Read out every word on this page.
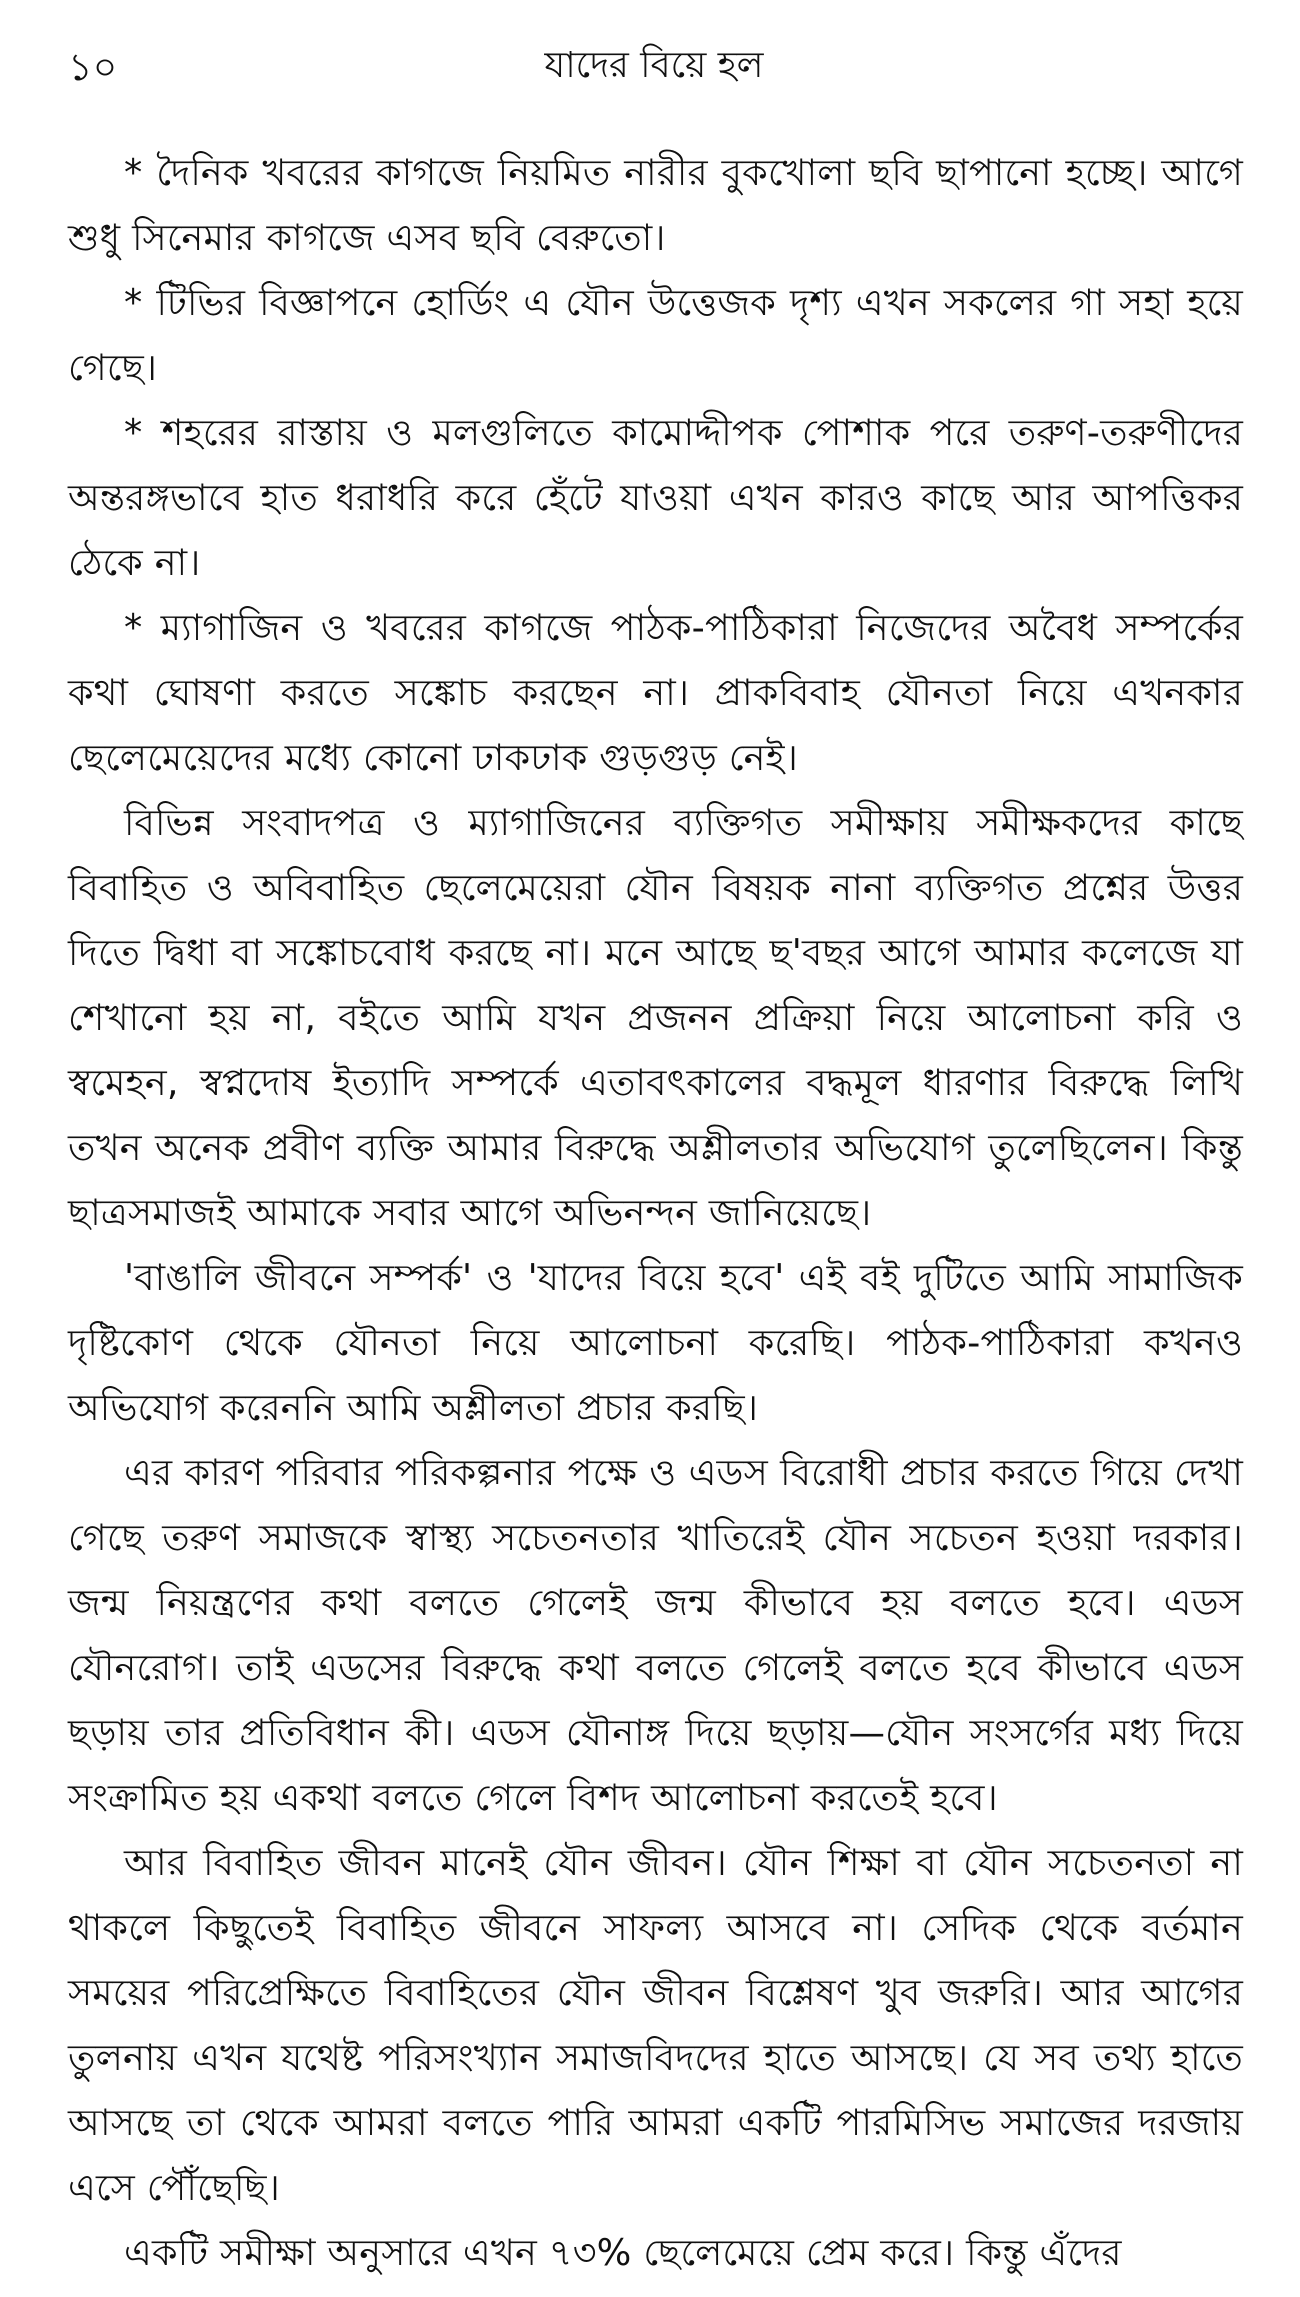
১০	যাদের বিয়ে হল

* দৈনিক খবরের কাগজে নিয়মিত নারীর বুকখোলা ছবি ছাপানো হচ্ছে। আগে শুধু সিনেমার কাগজে এসব ছবি বেরুতো।

* টিভির বিজ্ঞাপনে হোর্ডিং এ যৌন উত্তেজক দৃশ্য এখন সকলের গা সহা হয়ে গেছে।

* শহরের রাস্তায় ও মলগুলিতে কামোদ্দীপক পোশাক পরে তরুণ-তরুণীদের অন্তরঙ্গভাবে হাত ধরাধরি করে হেঁটে যাওয়া এখন কারও কাছে আর আপত্তিকর ঠেকে না।

* ম্যাগাজিন ও খবরের কাগজে পাঠক-পাঠিকারা নিজেদের অবৈধ সম্পর্কের কথা ঘোষণা করতে সঙ্কোচ করছেন না। প্রাকবিবাহ যৌনতা নিয়ে এখনকার ছেলেমেয়েদের মধ্যে কোনো ঢাকঢাক গুড়গুড় নেই।

বিভিন্ন সংবাদপত্র ও ম্যাগাজিনের ব্যক্তিগত সমীক্ষায় সমীক্ষকদের কাছে বিবাহিত ও অবিবাহিত ছেলেমেয়েরা যৌন বিষয়ক নানা ব্যক্তিগত প্রশ্নের উত্তর দিতে দ্বিধা বা সঙ্কোচবোধ করছে না। মনে আছে ছ'বছর আগে আমার কলেজে যা শেখানো হয় না, বইতে আমি যখন প্রজনন প্রক্রিয়া নিয়ে আলোচনা করি ও স্বমেহন, স্বপ্নদোষ ইত্যাদি সম্পর্কে এতাবৎকালের বদ্ধমূল ধারণার বিরুদ্ধে লিখি তখন অনেক প্রবীণ ব্যক্তি আমার বিরুদ্ধে অশ্লীলতার অভিযোগ তুলেছিলেন। কিন্তু ছাত্রসমাজই আমাকে সবার আগে অভিনন্দন জানিয়েছে।

'বাঙালি জীবনে সম্পর্ক' ও 'যাদের বিয়ে হবে' এই বই দুটিতে আমি সামাজিক দৃষ্টিকোণ থেকে যৌনতা নিয়ে আলোচনা করেছি। পাঠক-পাঠিকারা কখনও অভিযোগ করেননি আমি অশ্লীলতা প্রচার করছি।

এর কারণ পরিবার পরিকল্পনার পক্ষে ও এডস বিরোধী প্রচার করতে গিয়ে দেখা গেছে তরুণ সমাজকে স্বাস্থ্য সচেতনতার খাতিরেই যৌন সচেতন হওয়া দরকার। জন্ম নিয়ন্ত্রণের কথা বলতে গেলেই জন্ম কীভাবে হয় বলতে হবে। এডস যৌনরোগ। তাই এডসের বিরুদ্ধে কথা বলতে গেলেই বলতে হবে কীভাবে এডস ছড়ায় তার প্রতিবিধান কী। এডস যৌনাঙ্গ দিয়ে ছড়ায়—যৌন সংসর্গের মধ্য দিয়ে সংক্রামিত হয় একথা বলতে গেলে বিশদ আলোচনা করতেই হবে।

আর বিবাহিত জীবন মানেই যৌন জীবন। যৌন শিক্ষা বা যৌন সচেতনতা না থাকলে কিছুতেই বিবাহিত জীবনে সাফল্য আসবে না। সেদিক থেকে বর্তমান সময়ের পরিপ্রেক্ষিতে বিবাহিতের যৌন জীবন বিশ্লেষণ খুব জরুরি। আর আগের তুলনায় এখন যথেষ্ট পরিসংখ্যান সমাজবিদদের হাতে আসছে। যে সব তথ্য হাতে আসছে তা থেকে আমরা বলতে পারি আমরা একটি পারমিসিভ সমাজের দরজায় এসে পৌঁছেছি।

একটি সমীক্ষা অনুসারে এখন ৭৩% ছেলেমেয়ে প্রেম করে। কিন্তু এঁদের
